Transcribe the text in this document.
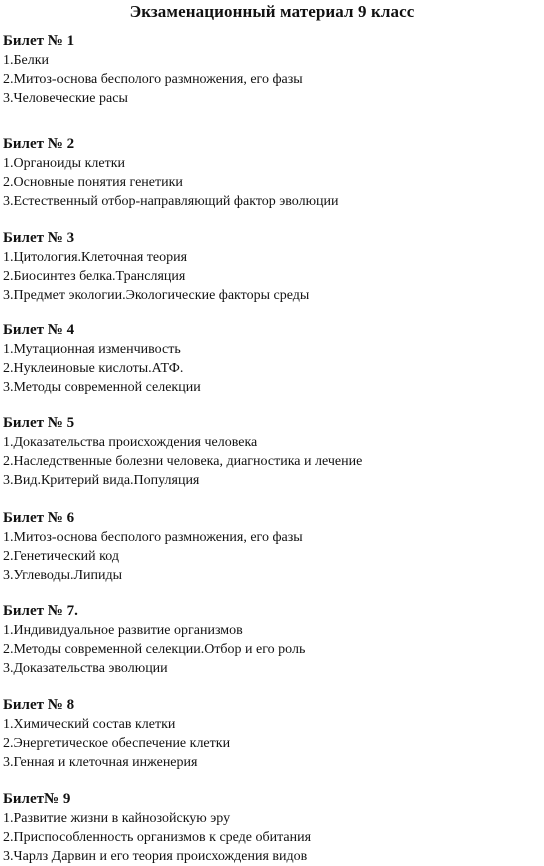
Экзаменационный материал 9 класс
Билет № 1
1.Белки
2.Митоз-основа бесполого размножения, его фазы
3.Человеческие расы
Билет № 2
1.Органоиды клетки
2.Основные понятия генетики
3.Естественный отбор-направляющий фактор эволюции
Билет № 3
1.Цитология.Клеточная теория
2.Биосинтез белка.Трансляция
3.Предмет экологии.Экологические факторы среды
Билет № 4
1.Мутационная изменчивость
2.Нуклеиновые кислоты.АТФ.
3.Методы современной селекции
Билет № 5
1.Доказательства происхождения человека
2.Наследственные болезни человека, диагностика и лечение
3.Вид.Критерий вида.Популяция
Билет № 6
1.Митоз-основа бесполого размножения, его фазы
2.Генетический код
3.Углеводы.Липиды
Билет № 7.
1.Индивидуальное развитие организмов
2.Методы современной селекции.Отбор и его роль
3.Доказательства эволюции
Билет № 8
1.Химический состав клетки
2.Энергетическое обеспечение клетки
3.Генная и клеточная инженерия
Билет№ 9
1.Развитие жизни в кайнозойскую эру
2.Приспособленность организмов к среде обитания
3.Чарлз Дарвин и его теория происхождения видов
